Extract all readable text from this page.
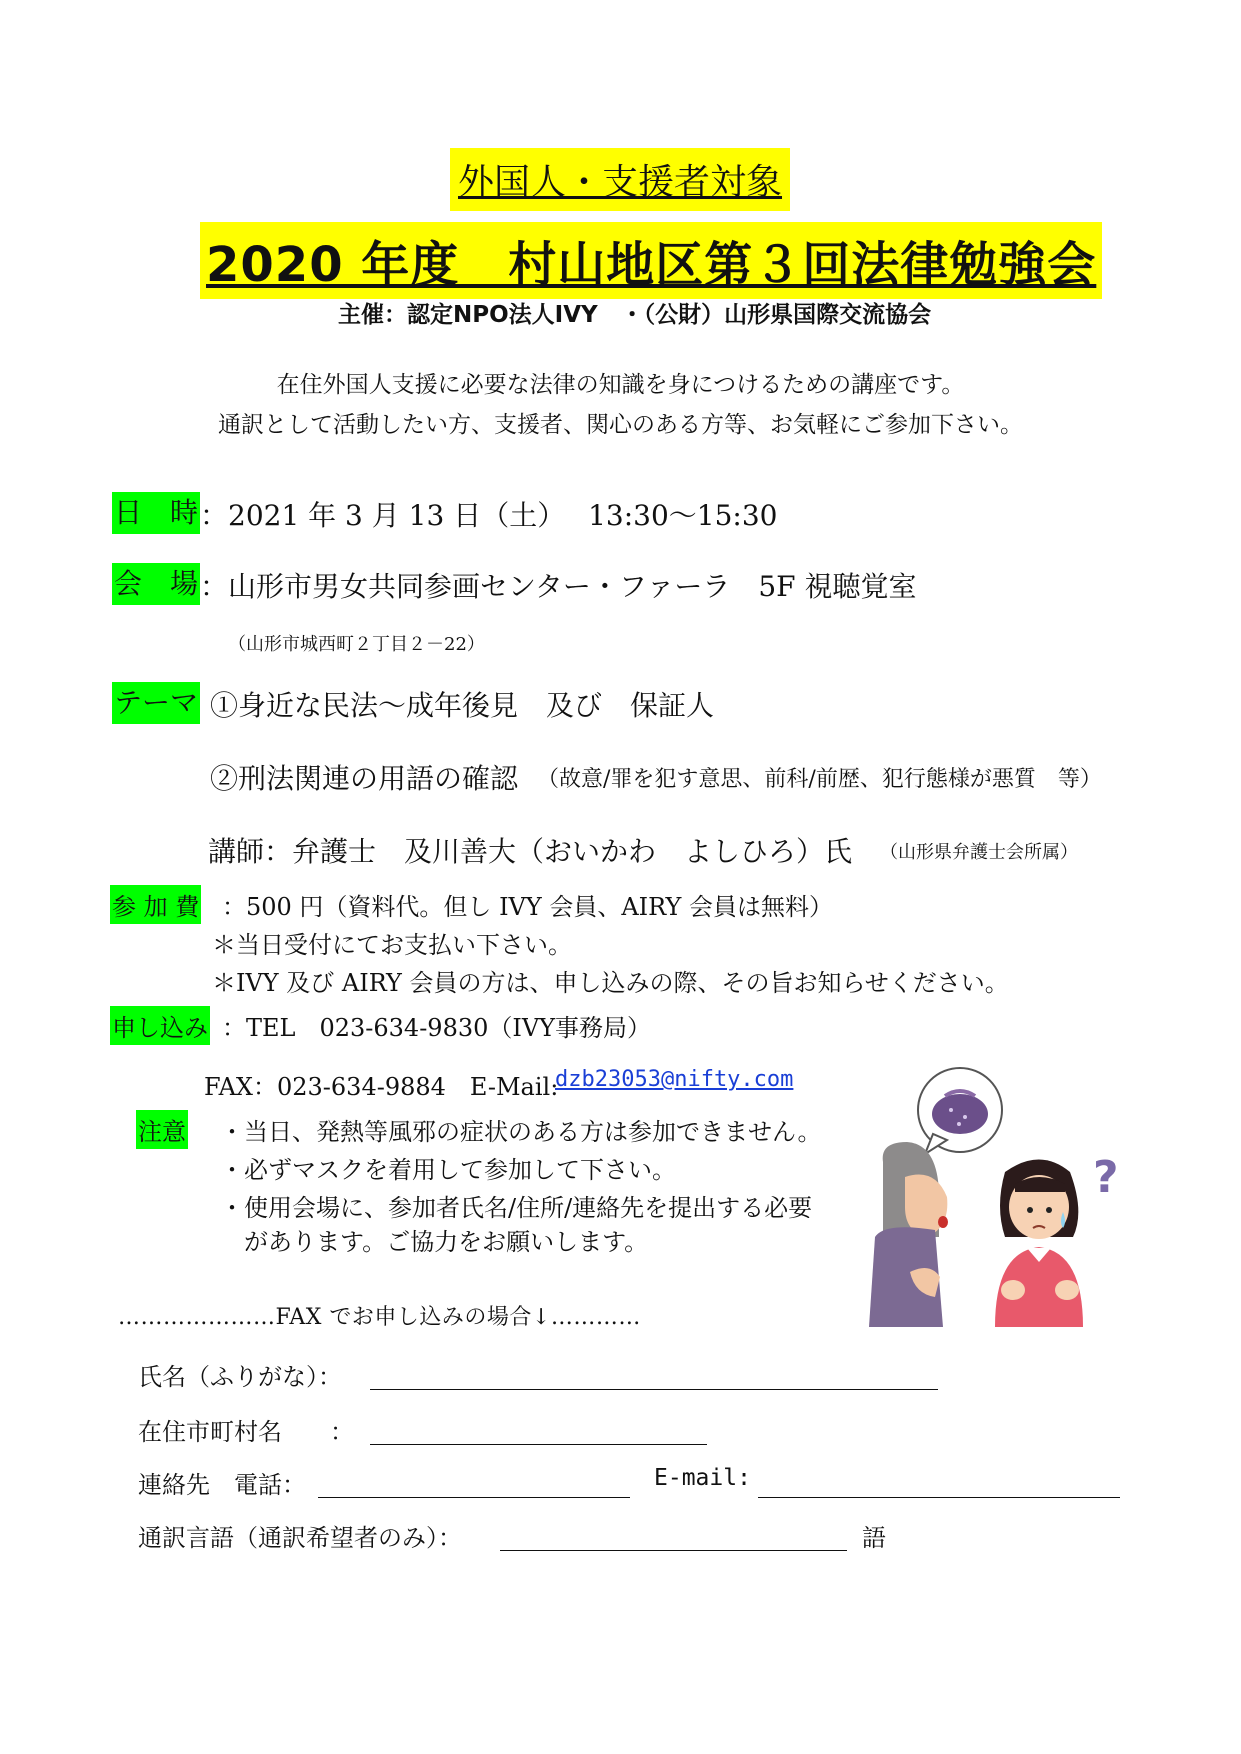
外国人・支援者対象
2020 年度　村山地区第３回法律勉強会
主催：認定NPO法人IVY　・（公財）山形県国際交流協会
在住外国人支援に必要な法律の知識を身につけるための講座です。
通訳として活動したい方、支援者、関心のある方等、お気軽にご参加下さい。
日　時 ：2021 年 3 月 13 日（土）　 13:30～15:30
会　場 ：山形市男女共同参画センター・ファーラ　5F 視聴覚室
（山形市城西町２丁目２－22）
テーマ ①身近な民法～成年後見　及び　保証人
②刑法関連の用語の確認 （故意/罪を犯す意思、前科/前歴、犯行態様が悪質　等）
講師：弁護士　及川善大（おいかわ　よしひろ）氏 （山形県弁護士会所属）
参 加 費 ：500 円（資料代。但し IVY 会員、AIRY 会員は無料）
＊当日受付にてお支払い下さい。
＊IVY 及び AIRY 会員の方は、申し込みの際、その旨お知らせください。
申し込み ：TEL　023-634-9830（IVY事務局）
FAX：023-634-9884　E-Mail:
dzb23053@nifty.com
注意 ・当日、発熱等風邪の症状のある方は参加できません。
・必ずマスクを着用して参加して下さい。
・使用会場に、参加者氏名/住所/連絡先を提出する必要
　があります。ご協力をお願いします。
?
…………………FAX でお申し込みの場合↓…………
氏名（ふりがな）：
在住市町村名　　：
連絡先　電話：	E-mail:
通訳言語（通訳希望者のみ）：	語
